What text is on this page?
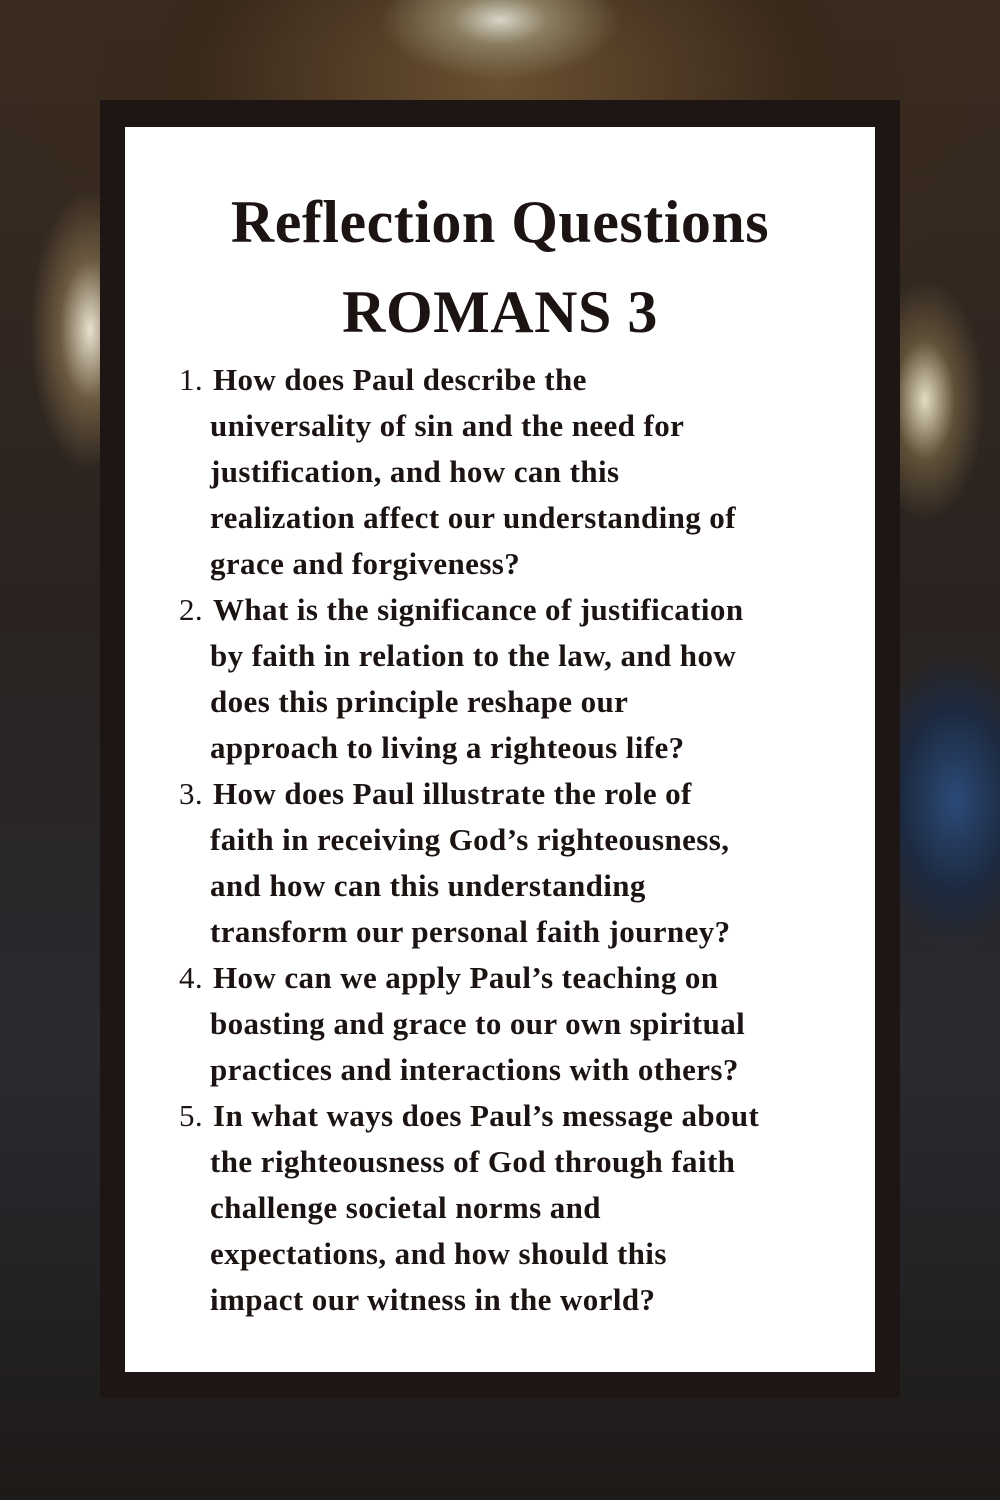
Reflection Questions
ROMANS 3
1. How does Paul describe the
universality of sin and the need for
justification, and how can this
realization affect our understanding of
grace and forgiveness?
2. What is the significance of justification
by faith in relation to the law, and how
does this principle reshape our
approach to living a righteous life?
3. How does Paul illustrate the role of
faith in receiving God’s righteousness,
and how can this understanding
transform our personal faith journey?
4. How can we apply Paul’s teaching on
boasting and grace to our own spiritual
practices and interactions with others?
5. In what ways does Paul’s message about
the righteousness of God through faith
challenge societal norms and
expectations, and how should this
impact our witness in the world?
